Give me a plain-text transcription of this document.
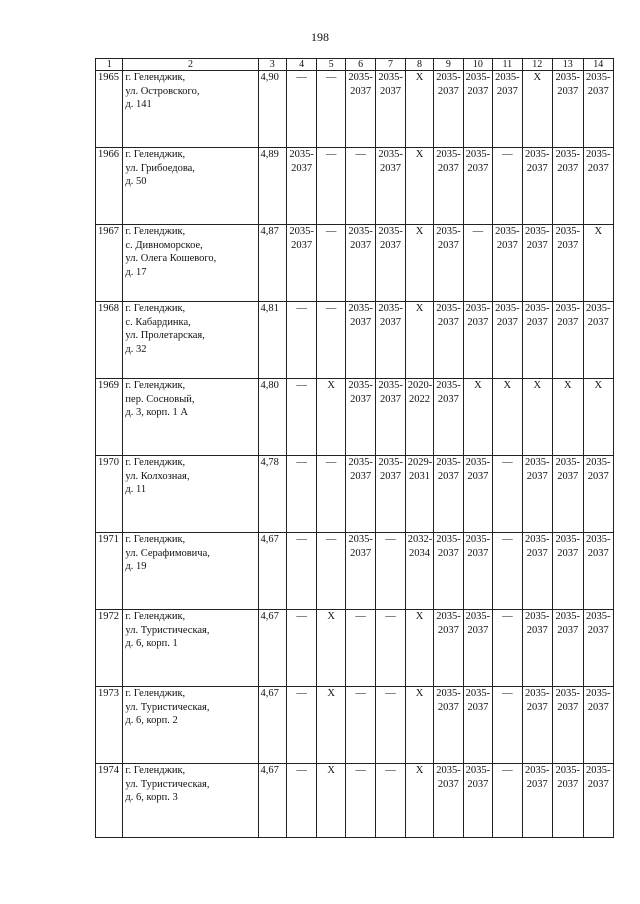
198
1	2	3	4	5	6	7	8	9	10	11	12	13	14
1965	г. Геленджик,
ул. Островского,
д. 141	4,90	—	—	2035-
2037	2035-
2037	X	2035-
2037	2035-
2037	2035-
2037	X	2035-
2037	2035-
2037

1966	г. Геленджик,
ул. Грибоедова,
д. 50	4,89	2035-
2037	—	—	2035-
2037	X	2035-
2037	2035-
2037	—	2035-
2037	2035-
2037	2035-
2037

1967	г. Геленджик,
с. Дивноморское,
ул. Олега Кошевого,
д. 17	4,87	2035-
2037	—	2035-
2037	2035-
2037	X	2035-
2037	—	2035-
2037	2035-
2037	2035-
2037	X

1968	г. Геленджик,
с. Кабардинка,
ул. Пролетарская,
д. 32	4,81	—	—	2035-
2037	2035-
2037	X	2035-
2037	2035-
2037	2035-
2037	2035-
2037	2035-
2037	2035-
2037

1969	г. Геленджик,
пер. Сосновый,
д. 3, корп. 1 А	4,80	—	X	2035-
2037	2035-
2037	2020-
2022	2035-
2037	X	X	X	X	X

1970	г. Геленджик,
ул. Колхозная,
д. 11	4,78	—	—	2035-
2037	2035-
2037	2029-
2031	2035-
2037	2035-
2037	—	2035-
2037	2035-
2037	2035-
2037

1971	г. Геленджик,
ул. Серафимовича,
д. 19	4,67	—	—	2035-
2037	—	2032-
2034	2035-
2037	2035-
2037	—	2035-
2037	2035-
2037	2035-
2037

1972	г. Геленджик,
ул. Туристическая,
д. 6, корп. 1	4,67	—	X	—	—	X	2035-
2037	2035-
2037	—	2035-
2037	2035-
2037	2035-
2037

1973	г. Геленджик,
ул. Туристическая,
д. 6, корп. 2	4,67	—	X	—	—	X	2035-
2037	2035-
2037	—	2035-
2037	2035-
2037	2035-
2037

1974	г. Геленджик,
ул. Туристическая,
д. 6, корп. 3	4,67	—	X	—	—	X	2035-
2037	2035-
2037	—	2035-
2037	2035-
2037	2035-
2037
